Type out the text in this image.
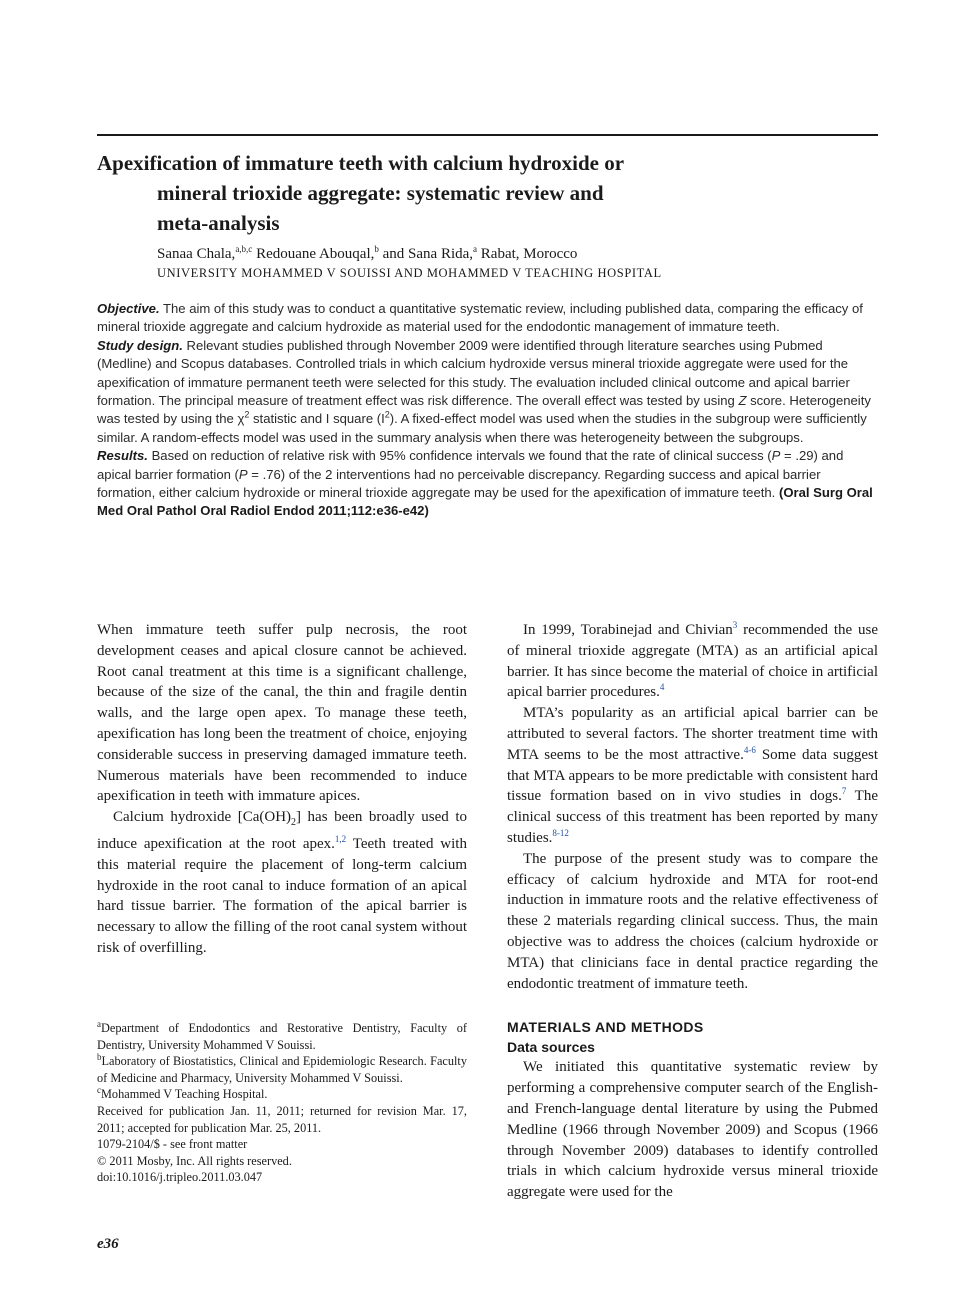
Apexification of immature teeth with calcium hydroxide or
mineral trioxide aggregate: systematic review and
meta-analysis
Sanaa Chala,$^{a,b,c}$ Redouane Abouqal,$^b$ and Sana Rida,$^a$ Rabat, Morocco
UNIVERSITY MOHAMMED V SOUISSI AND MOHAMMED V TEACHING HOSPITAL

Objective. The aim of this study was to conduct a quantitative systematic review, including published data, comparing the efficacy of mineral trioxide aggregate and calcium hydroxide as material used for the endodontic management of immature teeth.

Study design. Relevant studies published through November 2009 were identified through literature searches using Pubmed (Medline) and Scopus databases. Controlled trials in which calcium hydroxide versus mineral trioxide aggregate were used for the apexification of immature permanent teeth were selected for this study. The evaluation included clinical outcome and apical barrier formation. The principal measure of treatment effect was risk difference. The overall effect was tested by using Z score. Heterogeneity was tested by using the $\chi^2$ statistic and I square $(I^2)$. A fixed-effect model was used when the studies in the subgroup were sufficiently similar. A random-effects model was used in the summary analysis when there was heterogeneity between the subgroups.

Results. Based on reduction of relative risk with 95% confidence intervals we found that the rate of clinical success (P = .29) and apical barrier formation (P = .76) of the 2 interventions had no perceivable discrepancy. Regarding success and apical barrier formation, either calcium hydroxide or mineral trioxide aggregate may be used for the apexification of immature teeth. (Oral Surg Oral Med Oral Pathol Oral Radiol Endod 2011;112:e36-e42)

When immature teeth suffer pulp necrosis, the root development ceases and apical closure cannot be achieved. Root canal treatment at this time is a significant challenge, because of the size of the canal, the thin and fragile dentin walls, and the large open apex. To manage these teeth, apexification has long been the treatment of choice, enjoying considerable success in preserving damaged immature teeth. Numerous materials have been recommended to induce apexification in teeth with immature apices.

Calcium hydroxide $[Ca(OH)_2]$ has been broadly used to induce apexification at the root apex.$^{1,2}$ Teeth treated with this material require the placement of long-term calcium hydroxide in the root canal to induce formation of an apical hard tissue barrier. The formation of the apical barrier is necessary to allow the filling of the root canal system without risk of overfilling.

$^a$Department of Endodontics and Restorative Dentistry, Faculty of Dentistry, University Mohammed V Souissi.

$^b$Laboratory of Biostatistics, Clinical and Epidemiologic Research. Faculty of Medicine and Pharmacy, University Mohammed V Souissi.

$^c$Mohammed V Teaching Hospital.

Received for publication Jan. 11, 2011; returned for revision Mar. 17, 2011; accepted for publication Mar. 25, 2011.

1079-2104/$ - see front matter

© 2011 Mosby, Inc. All rights reserved.

doi:10.1016/j.tripleo.2011.03.047

In 1999, Torabinejad and Chivian$^3$ recommended the use of mineral trioxide aggregate (MTA) as an artificial apical barrier. It has since become the material of choice in artificial apical barrier procedures.$^4$

MTA’s popularity as an artificial apical barrier can be attributed to several factors. The shorter treatment time with MTA seems to be the most attractive.$^{4-6}$ Some data suggest that MTA appears to be more predictable with consistent hard tissue formation based on in vivo studies in dogs.$^7$ The clinical success of this treatment has been reported by many studies.$^{8-12}$

The purpose of the present study was to compare the efficacy of calcium hydroxide and MTA for root-end induction in immature roots and the relative effectiveness of these 2 materials regarding clinical success. Thus, the main objective was to address the choices (calcium hydroxide or MTA) that clinicians face in dental practice regarding the endodontic treatment of immature teeth.

MATERIALS AND METHODS
Data sources

We initiated this quantitative systematic review by performing a comprehensive computer search of the English- and French-language dental literature by using the Pubmed Medline (1966 through November 2009) and Scopus (1966 through November 2009) databases to identify controlled trials in which calcium hydroxide versus mineral trioxide aggregate were used for the

e36
